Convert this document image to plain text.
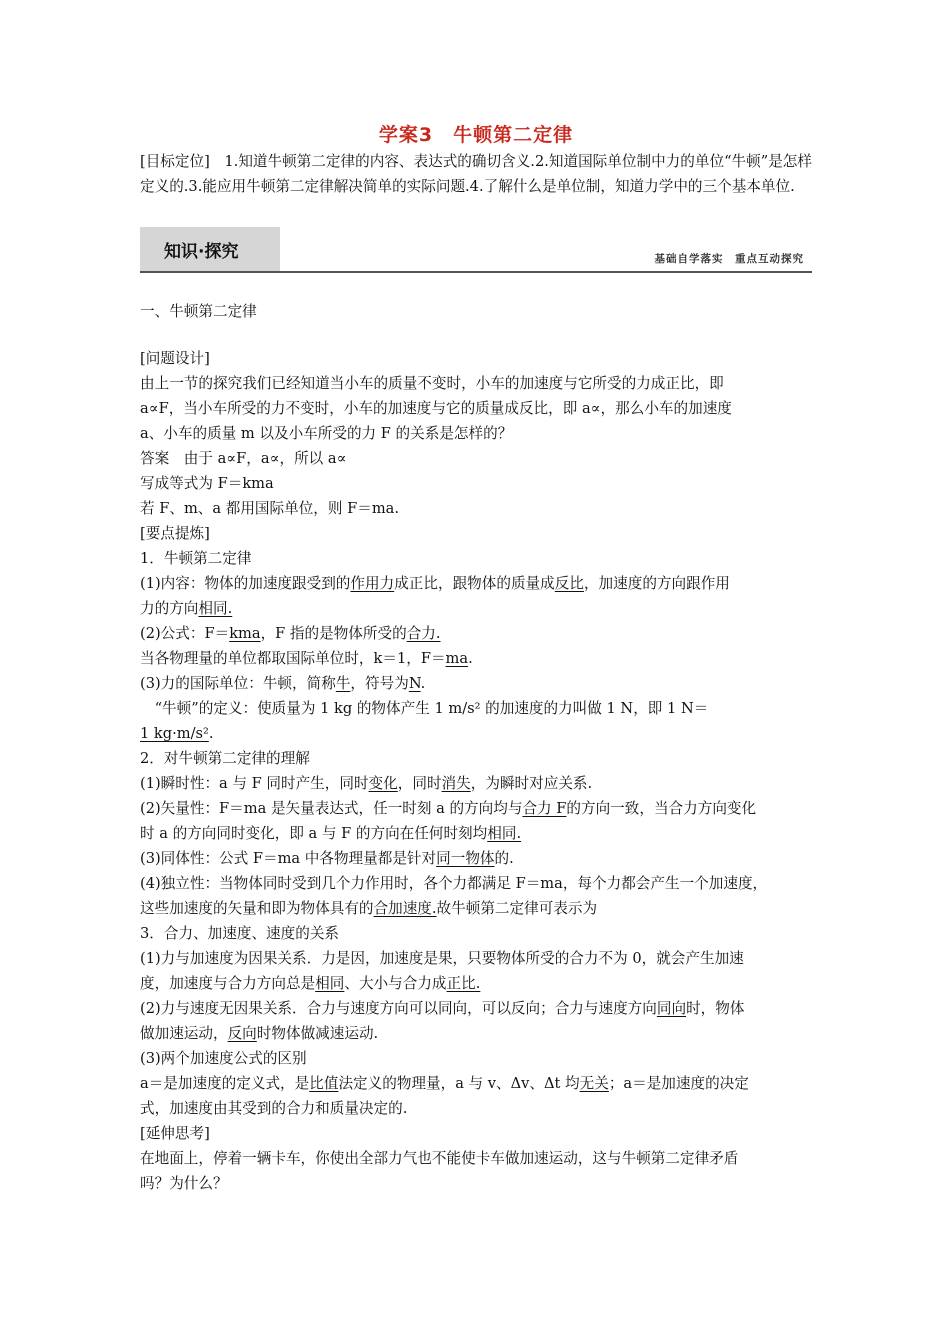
学案3　牛顿第二定律
[目标定位]　1.知道牛顿第二定律的内容、表达式的确切含义.2.知道国际单位制中力的单位“牛顿”是怎样定义的.3.能应用牛顿第二定律解决简单的实际问题.4.了解什么是单位制，知道力学中的三个基本单位.
知识·探究	基础自学落实　重点互动探究
一、牛顿第二定律

[问题设计]

由上一节的探究我们已经知道当小车的质量不变时，小车的加速度与它所受的力成正比，即

a∝F，当小车所受的力不变时，小车的加速度与它的质量成反比，即 a∝，那么小车的加速度

a、小车的质量 m 以及小车所受的力 F 的关系是怎样的？

答案　由于 a∝F，a∝，所以 a∝

写成等式为 F＝kma

若 F、m、a 都用国际单位，则 F＝ma.

[要点提炼]

1．牛顿第二定律

(1)内容：物体的加速度跟受到的作用力成正比，跟物体的质量成反比，加速度的方向跟作用

力的方向相同.

(2)公式：F＝kma，F 指的是物体所受的合力.

当各物理量的单位都取国际单位时，k＝1，F＝ma.

(3)力的国际单位：牛顿，简称牛，符号为N.

　“牛顿”的定义：使质量为 1 kg 的物体产生 1 m/s² 的加速度的力叫做 1 N，即 1 N＝

1 kg·m/s².

2．对牛顿第二定律的理解

(1)瞬时性：a 与 F 同时产生，同时变化，同时消失，为瞬时对应关系.

(2)矢量性：F＝ma 是矢量表达式，任一时刻 a 的方向均与合力 F的方向一致，当合力方向变化

时 a 的方向同时变化，即 a 与 F 的方向在任何时刻均相同.

(3)同体性：公式 F＝ma 中各物理量都是针对同一物体的.

(4)独立性：当物体同时受到几个力作用时，各个力都满足 F＝ma，每个力都会产生一个加速度，

这些加速度的矢量和即为物体具有的合加速度.故牛顿第二定律可表示为

3．合力、加速度、速度的关系

(1)力与加速度为因果关系．力是因，加速度是果，只要物体所受的合力不为 0，就会产生加速

度，加速度与合力方向总是相同、大小与合力成正比.

(2)力与速度无因果关系．合力与速度方向可以同向，可以反向；合力与速度方向同向时，物体

做加速运动，反向时物体做减速运动.

(3)两个加速度公式的区别

a＝是加速度的定义式，是比值法定义的物理量，a 与 v、Δv、Δt 均无关；a＝是加速度的决定

式，加速度由其受到的合力和质量决定的.

[延伸思考]

在地面上，停着一辆卡车，你使出全部力气也不能使卡车做加速运动，这与牛顿第二定律矛盾

吗？为什么？
